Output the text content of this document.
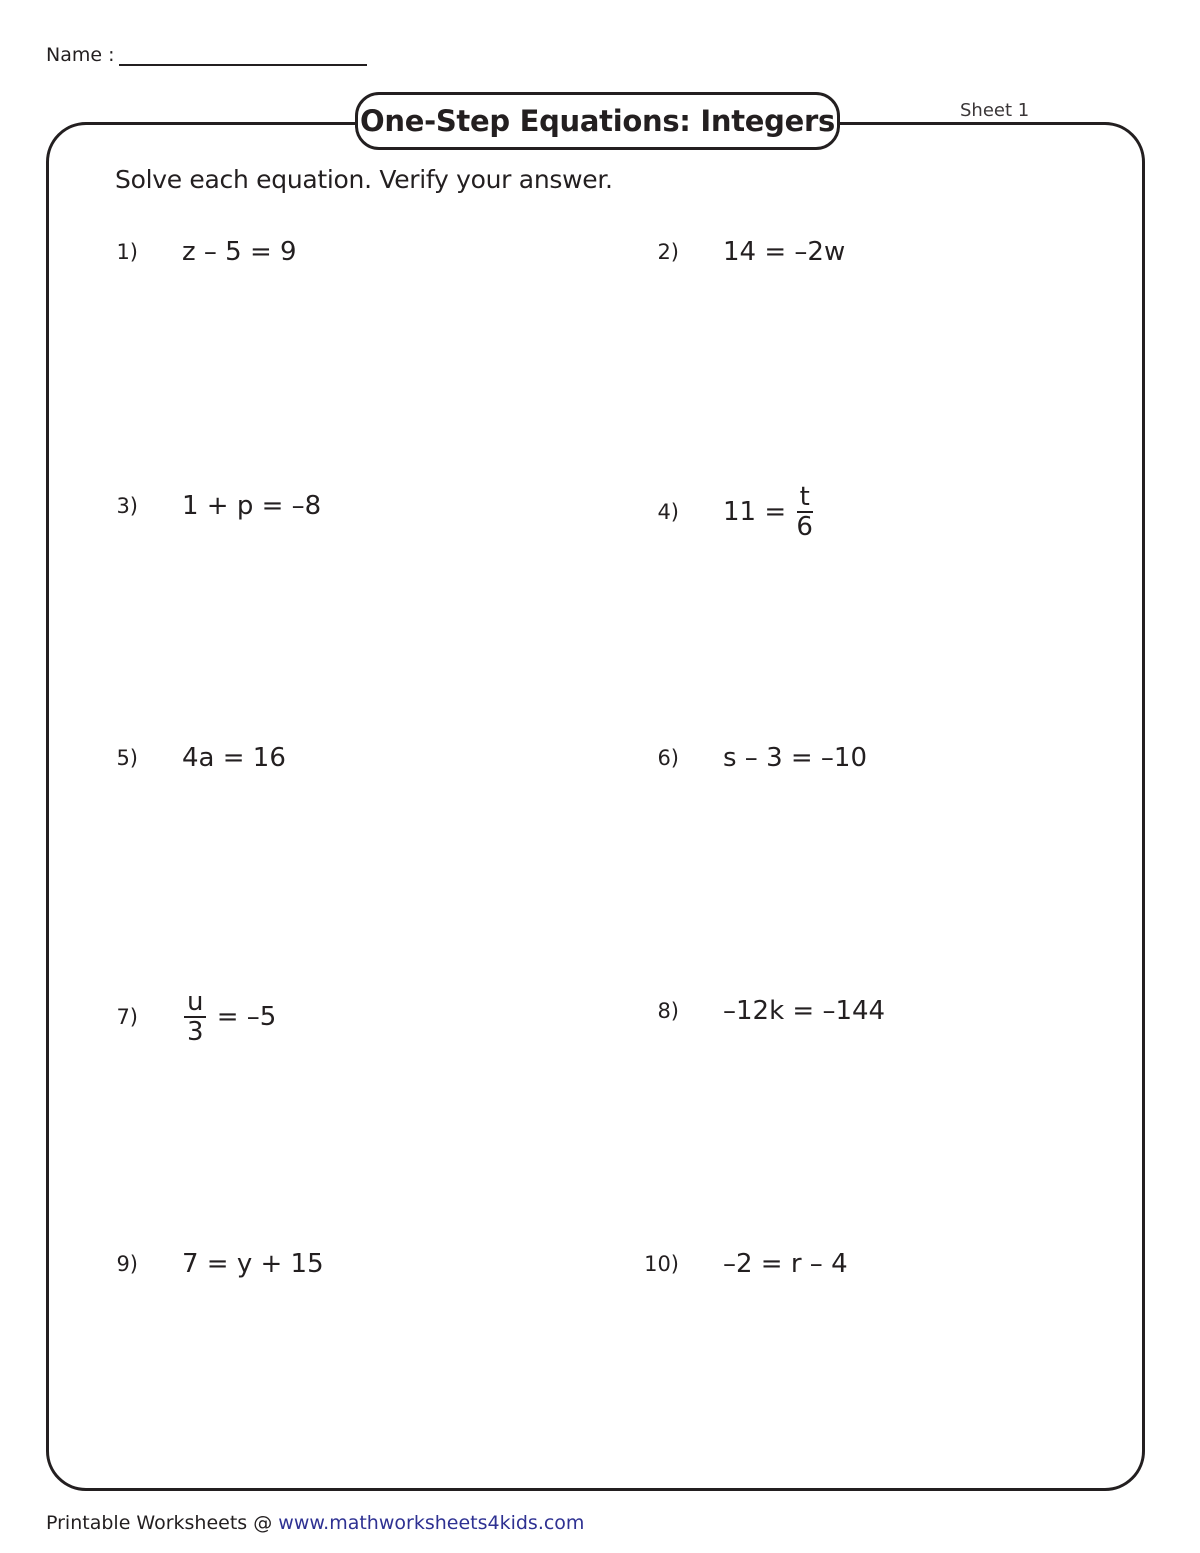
Name :
One-Step Equations: Integers	Sheet 1
Solve each equation. Verify your answer.
1) z – 5 = 9	2) 14 = –2w
3) 1 + p = –8	4) $11 = \frac{t}{6}$
5) 4a = 16	6) s – 3 = –10
$7) \frac{u}{3} = -5$	8) –12k = –144
9) 7 = y + 15	10) –2 = r – 4
Printable Worksheets @ www.mathworksheets4kids.com
